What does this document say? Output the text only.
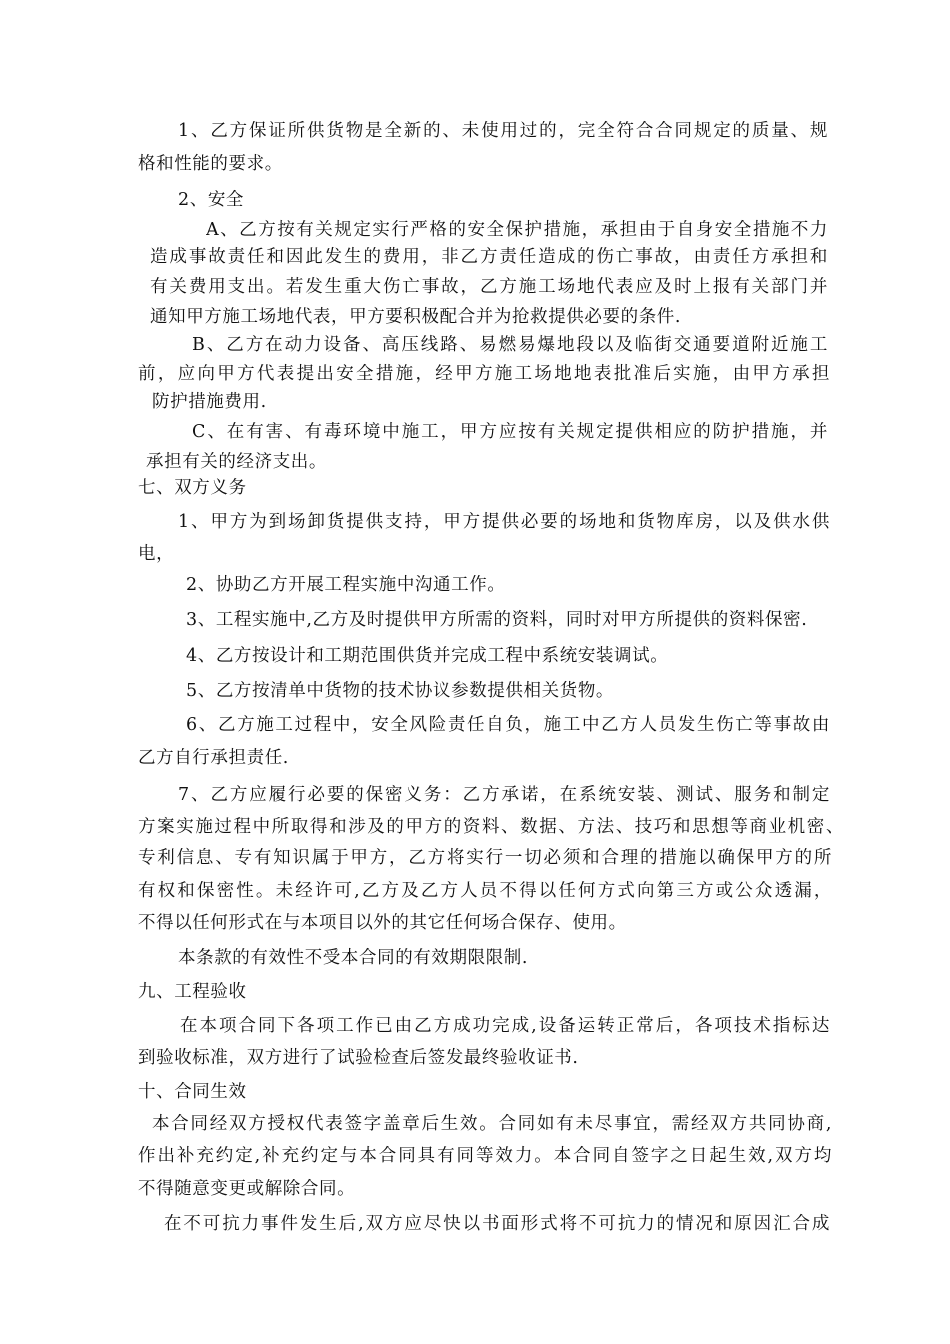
1、乙方保证所供货物是全新的、未使用过的，完全符合合同规定的质量、规
格和性能的要求。
2、安全
A、乙方按有关规定实行严格的安全保护措施，承担由于自身安全措施不力
造成事故责任和因此发生的费用，非乙方责任造成的伤亡事故，由责任方承担和
有关费用支出。若发生重大伤亡事故，乙方施工场地代表应及时上报有关部门并
通知甲方施工场地代表，甲方要积极配合并为抢救提供必要的条件.
B、乙方在动力设备、高压线路、易燃易爆地段以及临街交通要道附近施工
前，应向甲方代表提出安全措施，经甲方施工场地地表批准后实施，由甲方承担
防护措施费用.
C、在有害、有毒环境中施工，甲方应按有关规定提供相应的防护措施，并
承担有关的经济支出。
七、双方义务
1、甲方为到场卸货提供支持，甲方提供必要的场地和货物库房，以及供水供
电，
2、协助乙方开展工程实施中沟通工作。
3、工程实施中,乙方及时提供甲方所需的资料，同时对甲方所提供的资料保密.
4、乙方按设计和工期范围供货并完成工程中系统安装调试。
5、乙方按清单中货物的技术协议参数提供相关货物。
6、乙方施工过程中，安全风险责任自负，施工中乙方人员发生伤亡等事故由
乙方自行承担责任.
7、乙方应履行必要的保密义务：乙方承诺，在系统安装、测试、服务和制定
方案实施过程中所取得和涉及的甲方的资料、数据、方法、技巧和思想等商业机密、
专利信息、专有知识属于甲方，乙方将实行一切必须和合理的措施以确保甲方的所
有权和保密性。未经许可,乙方及乙方人员不得以任何方式向第三方或公众透漏，
不得以任何形式在与本项目以外的其它任何场合保存、使用。
本条款的有效性不受本合同的有效期限限制.
九、工程验收
在本项合同下各项工作已由乙方成功完成,设备运转正常后，各项技术指标达
到验收标准，双方进行了试验检查后签发最终验收证书.
十、合同生效
本合同经双方授权代表签字盖章后生效。合同如有未尽事宜，需经双方共同协商,
作出补充约定,补充约定与本合同具有同等效力。本合同自签字之日起生效,双方均
不得随意变更或解除合同。
在不可抗力事件发生后,双方应尽快以书面形式将不可抗力的情况和原因汇合成
